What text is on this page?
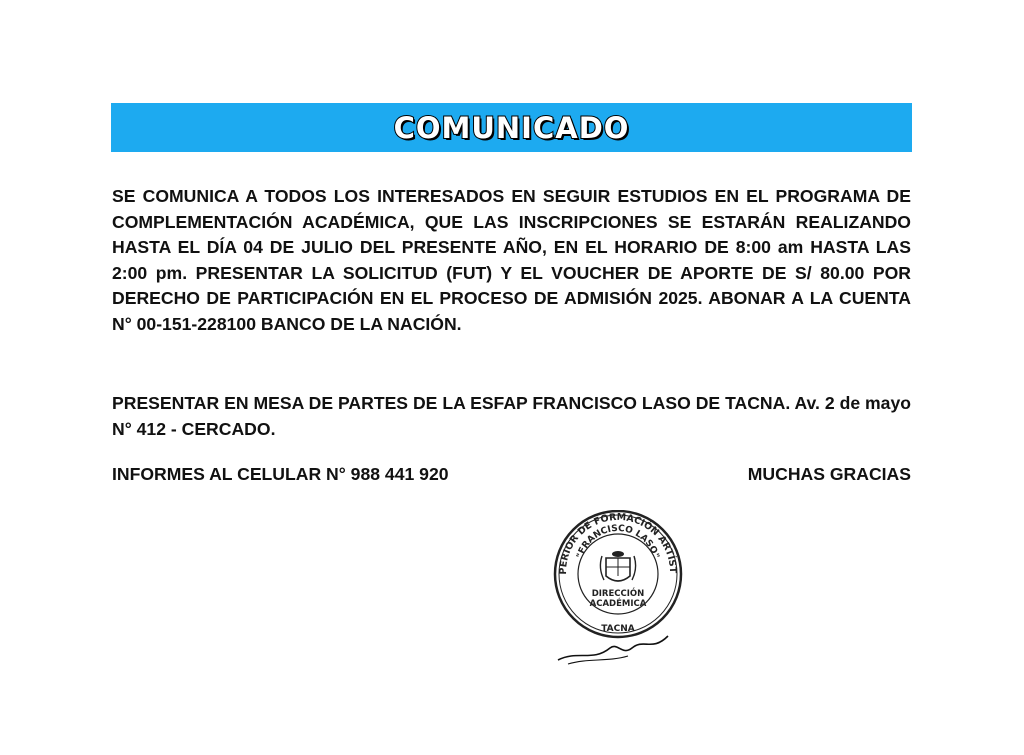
COMUNICADO

SE COMUNICA A TODOS LOS INTERESADOS EN SEGUIR ESTUDIOS EN EL PROGRAMA DE COMPLEMENTACIÓN ACADÉMICA, QUE LAS INSCRIPCIONES SE ESTARÁN REALIZANDO HASTA EL DÍA 04 DE JULIO DEL PRESENTE AÑO, EN EL HORARIO DE 8:00 am HASTA LAS 2:00 pm. PRESENTAR LA SOLICITUD (FUT) Y EL VOUCHER DE APORTE DE S/ 80.00 POR DERECHO DE PARTICIPACIÓN EN EL PROCESO DE ADMISIÓN 2025. ABONAR A LA CUENTA N° 00-151-228100 BANCO DE LA NACIÓN.

PRESENTAR EN MESA DE PARTES DE LA ESFAP FRANCISCO LASO DE TACNA. Av. 2 de mayo N° 412 - CERCADO.

INFORMES AL CELULAR N° 988 441 920	MUCHAS GRACIAS
PERIOR DE FORMACIÓN ARTÍST
"FRANCISCO LASO"
DIRECCIÓN
ACADÉMICA
TACNA
